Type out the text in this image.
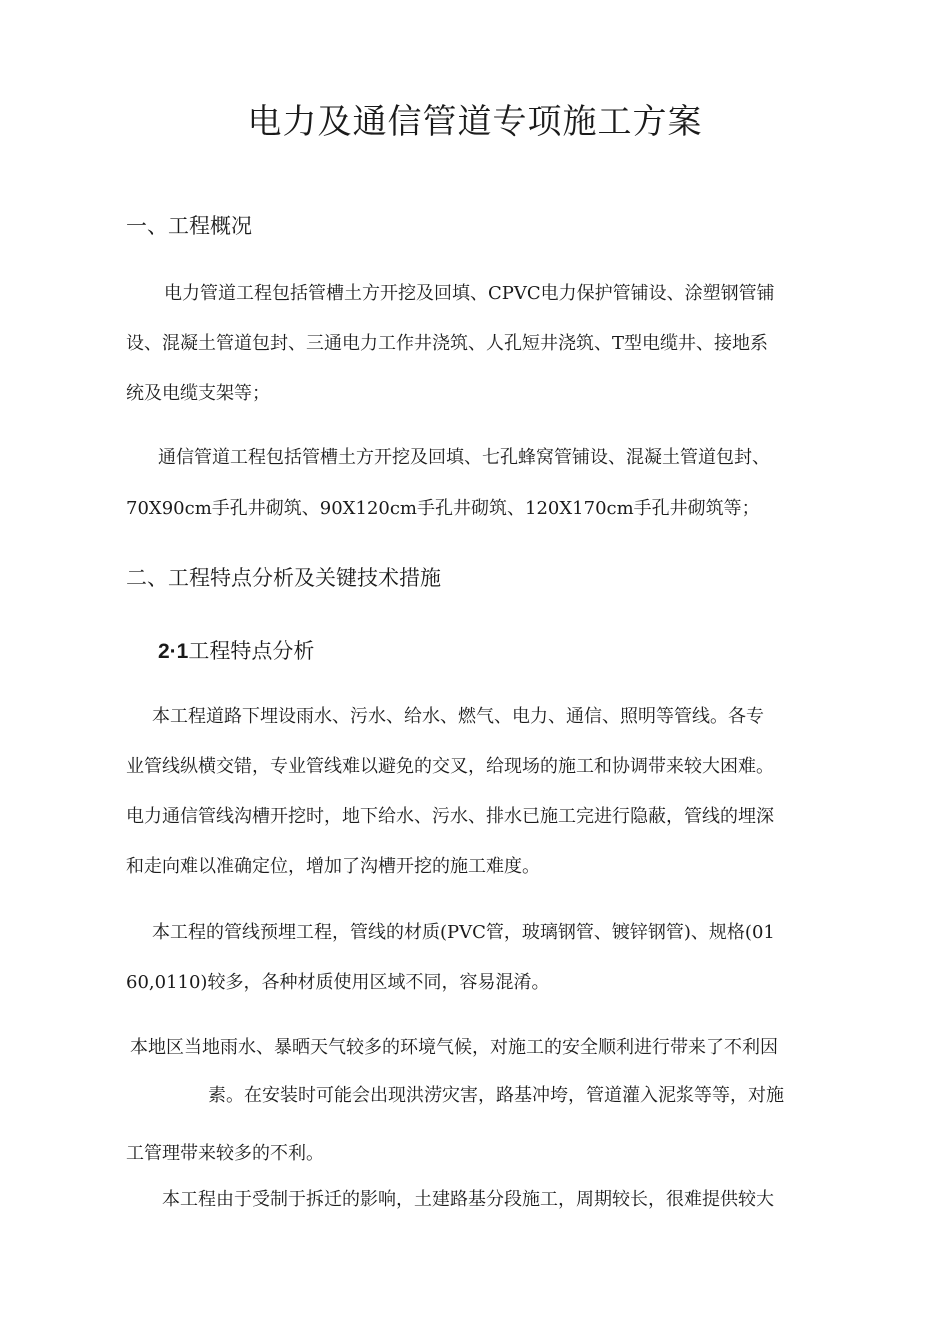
电力及通信管道专项施工方案
一、工程概况
电力管道工程包括管槽土方开挖及回填、CPVC电力保护管铺设、涂塑钢管铺
设、混凝土管道包封、三通电力工作井浇筑、人孔短井浇筑、T型电缆井、接地系
统及电缆支架等；
通信管道工程包括管槽土方开挖及回填、七孔蜂窝管铺设、混凝土管道包封、
70X90cm手孔井砌筑、90X120cm手孔井砌筑、120X170cm手孔井砌筑等；
二、工程特点分析及关键技术措施
2·1工程特点分析
本工程道路下埋设雨水、污水、给水、燃气、电力、通信、照明等管线。各专
业管线纵横交错，专业管线难以避免的交叉，给现场的施工和协调带来较大困难。
电力通信管线沟槽开挖时，地下给水、污水、排水已施工完进行隐蔽，管线的埋深
和走向难以准确定位，增加了沟槽开挖的施工难度。
本工程的管线预埋工程，管线的材质(PVC管，玻璃钢管、镀锌钢管)、规格(01
60,0110)较多，各种材质使用区域不同，容易混淆。
本地区当地雨水、暴晒天气较多的环境气候，对施工的安全顺利进行带来了不利因
素。在安装时可能会出现洪涝灾害，路基冲垮，管道灌入泥浆等等，对施
工管理带来较多的不利。
本工程由于受制于拆迁的影响，土建路基分段施工，周期较长，很难提供较大
